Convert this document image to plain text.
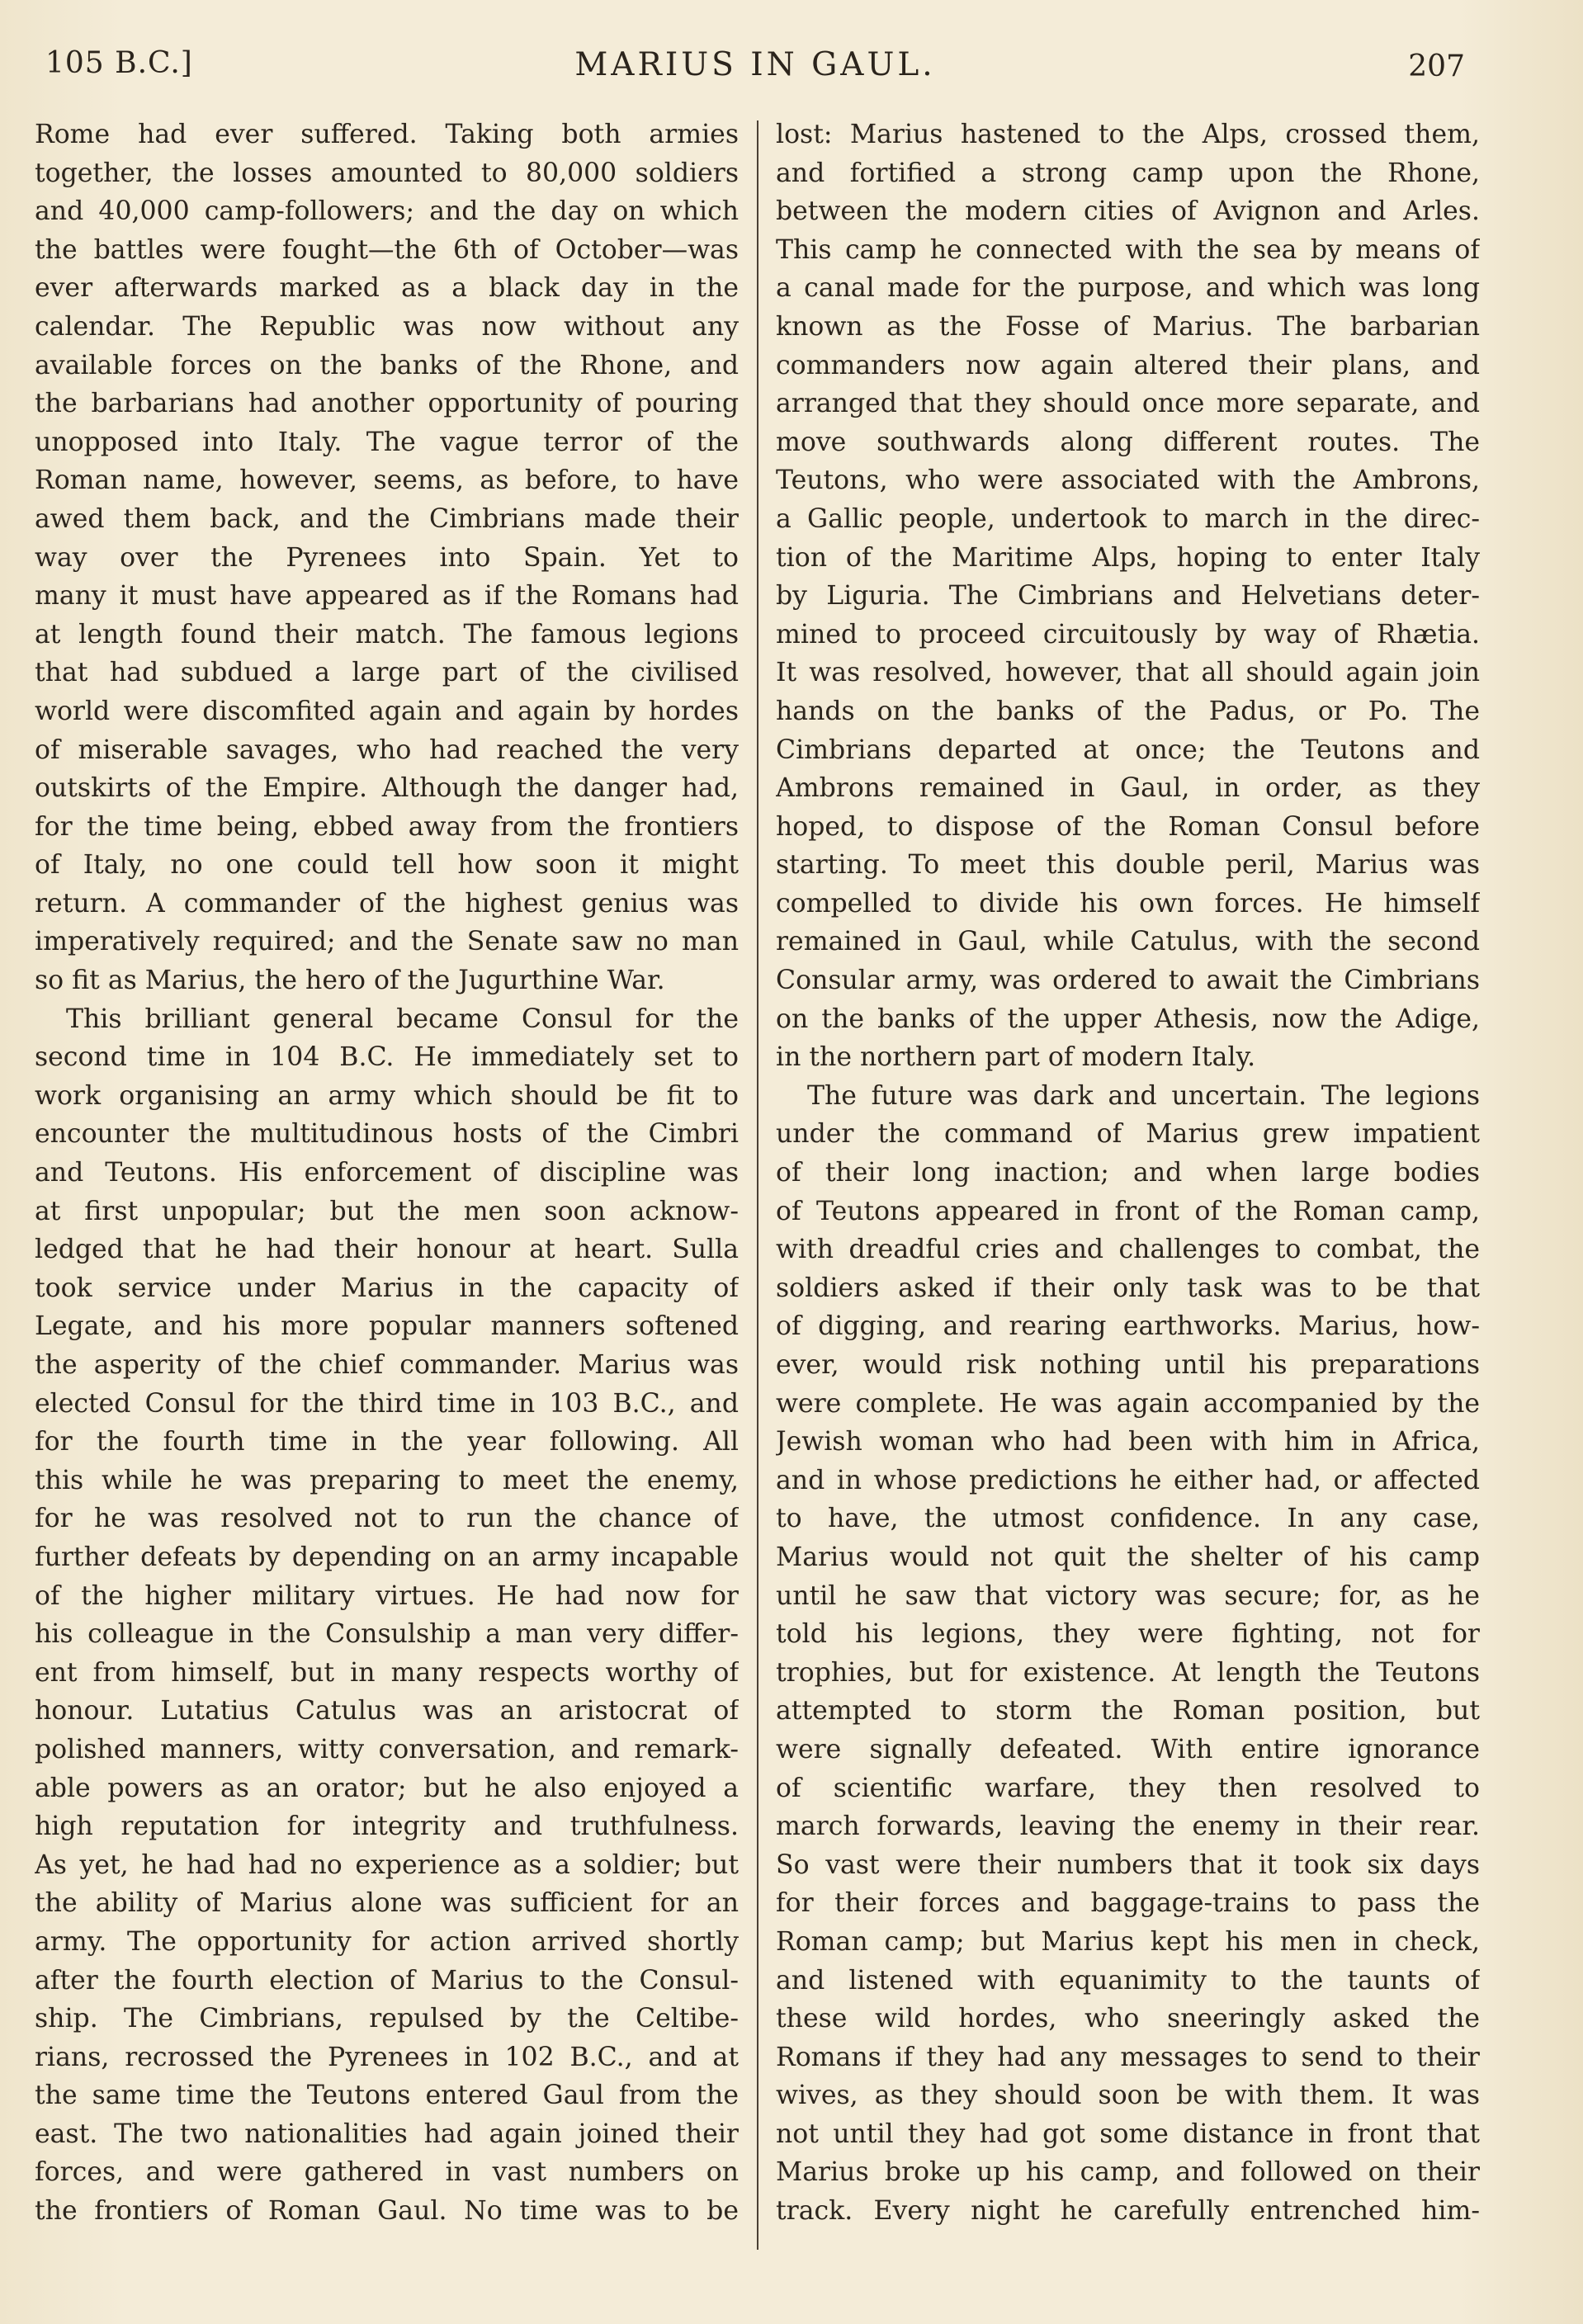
105 B.C.]	MARIUS IN GAUL.	207
Rome had ever suffered. Taking both armies
together, the losses amounted to 80,000 soldiers
and 40,000 camp-followers; and the day on which
the battles were fought—the 6th of October—was
ever afterwards marked as a black day in the
calendar. The Republic was now without any
available forces on the banks of the Rhone, and
the barbarians had another opportunity of pouring
unopposed into Italy. The vague terror of the
Roman name, however, seems, as before, to have
awed them back, and the Cimbrians made their
way over the Pyrenees into Spain. Yet to
many it must have appeared as if the Romans had
at length found their match. The famous legions
that had subdued a large part of the civilised
world were discomfited again and again by hordes
of miserable savages, who had reached the very
outskirts of the Empire. Although the danger had,
for the time being, ebbed away from the frontiers
of Italy, no one could tell how soon it might
return. A commander of the highest genius was
imperatively required; and the Senate saw no man
so fit as Marius, the hero of the Jugurthine War.
This brilliant general became Consul for the
second time in 104 B.C. He immediately set to
work organising an army which should be fit to
encounter the multitudinous hosts of the Cimbri
and Teutons. His enforcement of discipline was
at first unpopular; but the men soon acknow-
ledged that he had their honour at heart. Sulla
took service under Marius in the capacity of
Legate, and his more popular manners softened
the asperity of the chief commander. Marius was
elected Consul for the third time in 103 B.C., and
for the fourth time in the year following. All
this while he was preparing to meet the enemy,
for he was resolved not to run the chance of
further defeats by depending on an army incapable
of the higher military virtues. He had now for
his colleague in the Consulship a man very differ-
ent from himself, but in many respects worthy of
honour. Lutatius Catulus was an aristocrat of
polished manners, witty conversation, and remark-
able powers as an orator; but he also enjoyed a
high reputation for integrity and truthfulness.
As yet, he had had no experience as a soldier; but
the ability of Marius alone was sufficient for an
army. The opportunity for action arrived shortly
after the fourth election of Marius to the Consul-
ship. The Cimbrians, repulsed by the Celtibe-
rians, recrossed the Pyrenees in 102 B.C., and at
the same time the Teutons entered Gaul from the
east. The two nationalities had again joined their
forces, and were gathered in vast numbers on
the frontiers of Roman Gaul. No time was to be
lost: Marius hastened to the Alps, crossed them,
and fortified a strong camp upon the Rhone,
between the modern cities of Avignon and Arles.
This camp he connected with the sea by means of
a canal made for the purpose, and which was long
known as the Fosse of Marius. The barbarian
commanders now again altered their plans, and
arranged that they should once more separate, and
move southwards along different routes. The
Teutons, who were associated with the Ambrons,
a Gallic people, undertook to march in the direc-
tion of the Maritime Alps, hoping to enter Italy
by Liguria. The Cimbrians and Helvetians deter-
mined to proceed circuitously by way of Rhætia.
It was resolved, however, that all should again join
hands on the banks of the Padus, or Po. The
Cimbrians departed at once; the Teutons and
Ambrons remained in Gaul, in order, as they
hoped, to dispose of the Roman Consul before
starting. To meet this double peril, Marius was
compelled to divide his own forces. He himself
remained in Gaul, while Catulus, with the second
Consular army, was ordered to await the Cimbrians
on the banks of the upper Athesis, now the Adige,
in the northern part of modern Italy.
The future was dark and uncertain. The legions
under the command of Marius grew impatient
of their long inaction; and when large bodies
of Teutons appeared in front of the Roman camp,
with dreadful cries and challenges to combat, the
soldiers asked if their only task was to be that
of digging, and rearing earthworks. Marius, how-
ever, would risk nothing until his preparations
were complete. He was again accompanied by the
Jewish woman who had been with him in Africa,
and in whose predictions he either had, or affected
to have, the utmost confidence. In any case,
Marius would not quit the shelter of his camp
until he saw that victory was secure; for, as he
told his legions, they were fighting, not for
trophies, but for existence. At length the Teutons
attempted to storm the Roman position, but
were signally defeated. With entire ignorance
of scientific warfare, they then resolved to
march forwards, leaving the enemy in their rear.
So vast were their numbers that it took six days
for their forces and baggage-trains to pass the
Roman camp; but Marius kept his men in check,
and listened with equanimity to the taunts of
these wild hordes, who sneeringly asked the
Romans if they had any messages to send to their
wives, as they should soon be with them. It was
not until they had got some distance in front that
Marius broke up his camp, and followed on their
track. Every night he carefully entrenched him-
